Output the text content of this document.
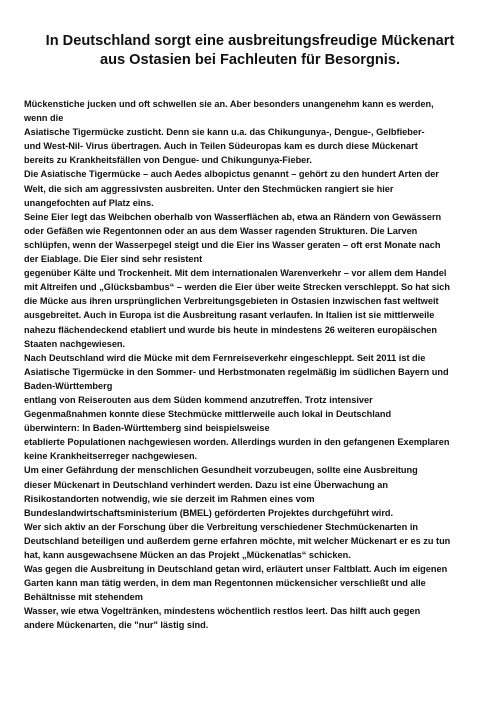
In Deutschland sorgt eine ausbreitungsfreudige Mückenart
aus Ostasien bei Fachleuten für Besorgnis.
Mückenstiche jucken und oft schwellen sie an. Aber besonders unangenehm kann es werden,
wenn die
Asiatische Tigermücke zusticht. Denn sie kann u.a. das Chikungunya-, Dengue-, Gelbfieber-
und West-Nil- Virus übertragen. Auch in Teilen Südeuropas kam es durch diese Mückenart
bereits zu Krankheitsfällen von Dengue- und Chikungunya-Fieber.
Die Asiatische Tigermücke – auch Aedes albopictus genannt – gehört zu den hundert Arten der
Welt, die sich am aggressivsten ausbreiten. Unter den Stechmücken rangiert sie hier
unangefochten auf Platz eins.
Seine Eier legt das Weibchen oberhalb von Wasserflächen ab, etwa an Rändern von Gewässern
oder Gefäßen wie Regentonnen oder an aus dem Wasser ragenden Strukturen. Die Larven
schlüpfen, wenn der Wasserpegel steigt und die Eier ins Wasser geraten – oft erst Monate nach
der Eiablage. Die Eier sind sehr resistent
gegenüber Kälte und Trockenheit. Mit dem internationalen Warenverkehr – vor allem dem Handel
mit Altreifen und „Glücksbambus“ – werden die Eier über weite Strecken verschleppt. So hat sich
die Mücke aus ihren ursprünglichen Verbreitungsgebieten in Ostasien inzwischen fast weltweit
ausgebreitet. Auch in Europa ist die Ausbreitung rasant verlaufen. In Italien ist sie mittlerweile
nahezu flächendeckend etabliert und wurde bis heute in mindestens 26 weiteren europäischen
Staaten nachgewiesen.
Nach Deutschland wird die Mücke mit dem Fernreiseverkehr eingeschleppt. Seit 2011 ist die
Asiatische Tigermücke in den Sommer- und Herbstmonaten regelmäßig im südlichen Bayern und
Baden-Württemberg
entlang von Reiserouten aus dem Süden kommend anzutreffen. Trotz intensiver
Gegenmaßnahmen konnte diese Stechmücke mittlerweile auch lokal in Deutschland
überwintern: In Baden-Württemberg sind beispielsweise
etablierte Populationen nachgewiesen worden. Allerdings wurden in den gefangenen Exemplaren
keine Krankheitserreger nachgewiesen.
Um einer Gefährdung der menschlichen Gesundheit vorzubeugen, sollte eine Ausbreitung
dieser Mückenart in Deutschland verhindert werden. Dazu ist eine Überwachung an
Risikostandorten notwendig, wie sie derzeit im Rahmen eines vom
Bundeslandwirtschaftsministerium (BMEL) geförderten Projektes durchgeführt wird.
Wer sich aktiv an der Forschung über die Verbreitung verschiedener Stechmückenarten in
Deutschland beteiligen und außerdem gerne erfahren möchte, mit welcher Mückenart er es zu tun
hat, kann ausgewachsene Mücken an das Projekt „Mückenatlas“ schicken.
Was gegen die Ausbreitung in Deutschland getan wird, erläutert unser Faltblatt. Auch im eigenen
Garten kann man tätig werden, in dem man Regentonnen mückensicher verschließt und alle
Behältnisse mit stehendem
Wasser, wie etwa Vogeltränken, mindestens wöchentlich restlos leert. Das hilft auch gegen
andere Mückenarten, die "nur" lästig sind.
